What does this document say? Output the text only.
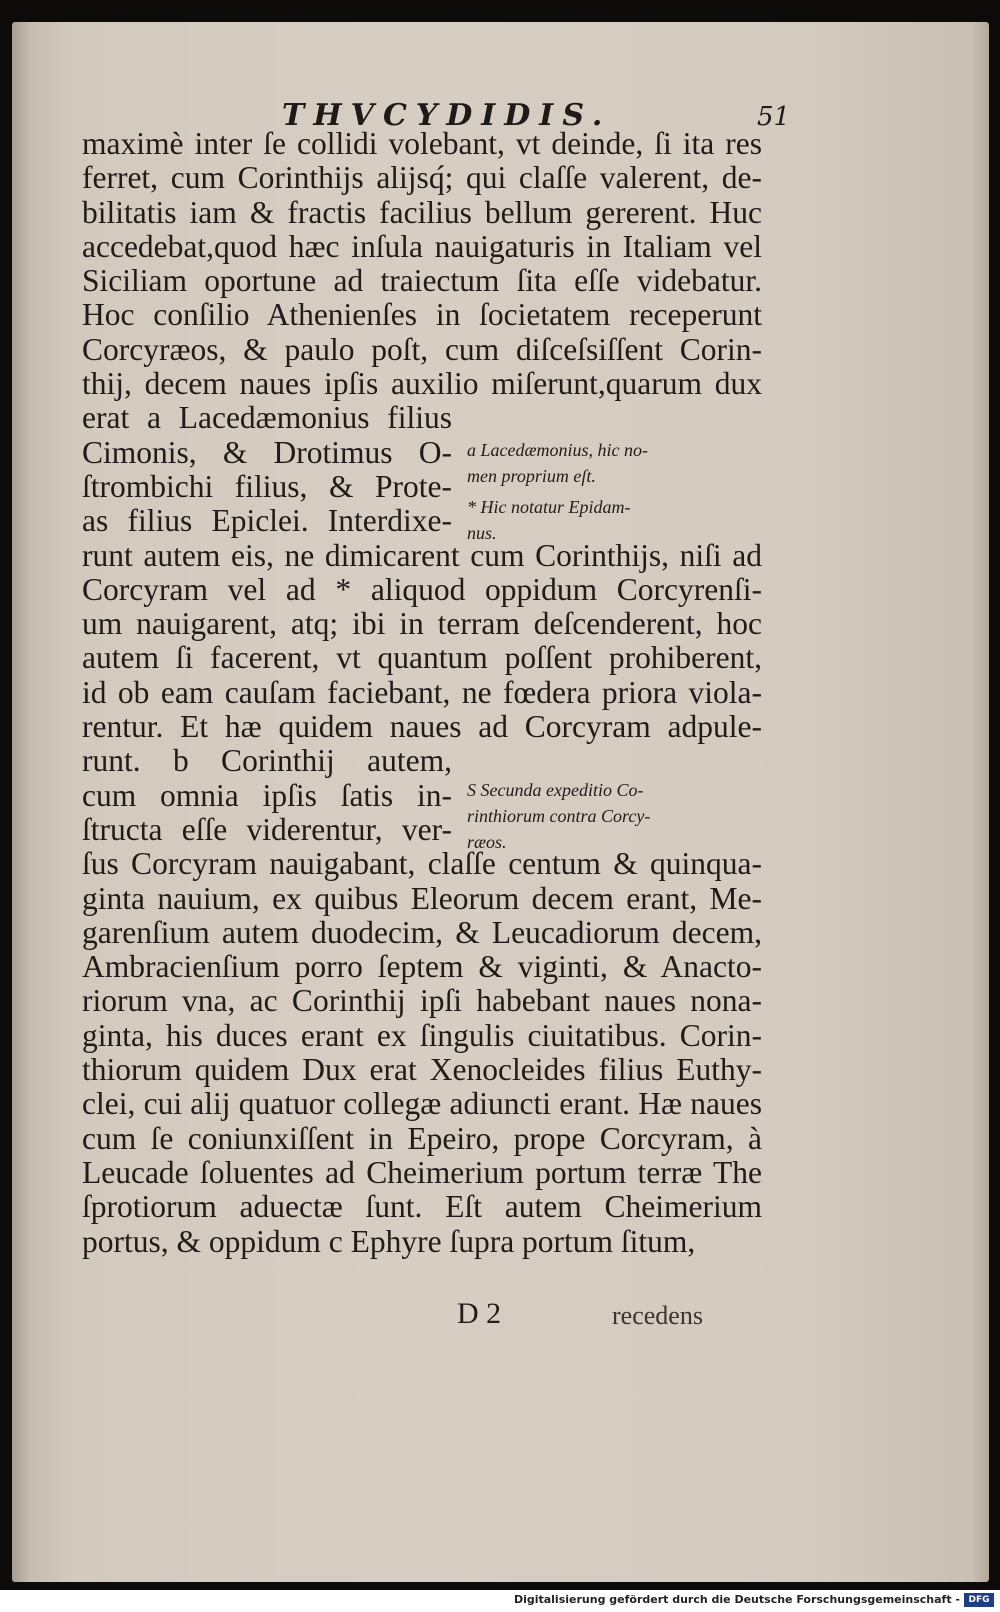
THVCYDIDIS.	51
maximè inter ſe collidi volebant, vt deinde, ſi ita res
ferret, cum Corinthijs alijsq́; qui claſſe valerent, de-
bilitatis iam & fractis facilius bellum gererent. Huc
accedebat,quod hæc inſula nauigaturis in Italiam vel
Siciliam oportune ad traiectum ſita eſſe videbatur.
Hoc conſilio Athenienſes in ſocietatem receperunt
Corcyræos, & paulo poſt, cum diſceſsiſſent Corin-
thij, decem naues ipſis auxilio miſerunt,quarum dux
erat a Lacedæmonius filius
Cimonis, & Drotimus O-
ſtrombichi filius, & Prote-
as filius Epiclei. Interdixe-
runt autem eis, ne dimicarent cum Corinthijs, niſi ad
Corcyram vel ad * aliquod oppidum Corcyrenſi-
um nauigarent, atq; ibi in terram deſcenderent, hoc
autem ſi facerent, vt quantum poſſent prohiberent,
id ob eam cauſam faciebant, ne fœdera priora viola-
rentur. Et hæ quidem naues ad Corcyram adpule-
runt. b Corinthij autem,
cum omnia ipſis ſatis in-
ſtructa eſſe viderentur, ver-
ſus Corcyram nauigabant, claſſe centum & quinqua-
ginta nauium, ex quibus Eleorum decem erant, Me-
garenſium autem duodecim, & Leucadiorum decem,
Ambracienſium porro ſeptem & viginti, & Anacto-
riorum vna, ac Corinthij ipſi habebant naues nona-
ginta, his duces erant ex ſingulis ciuitatibus. Corin-
thiorum quidem Dux erat Xenocleides filius Euthy-
clei, cui alij quatuor collegæ adiuncti erant. Hæ naues
cum ſe coniunxiſſent in Epeiro, prope Corcyram, à
Leucade ſoluentes ad Cheimerium portum terræ The
ſprotiorum aduectæ ſunt. Eſt autem Cheimerium
portus, & oppidum c Ephyre ſupra portum ſitum,
a Lacedæmonius, hic no-
men proprium eſt.
* Hic notatur Epidam-
nus.
S Secunda expeditio Co-
rinthiorum contra Corcy-
ræos.
D 2	recedens
Digitalisierung gefördert durch die Deutsche Forschungsgemeinschaft - DFG
